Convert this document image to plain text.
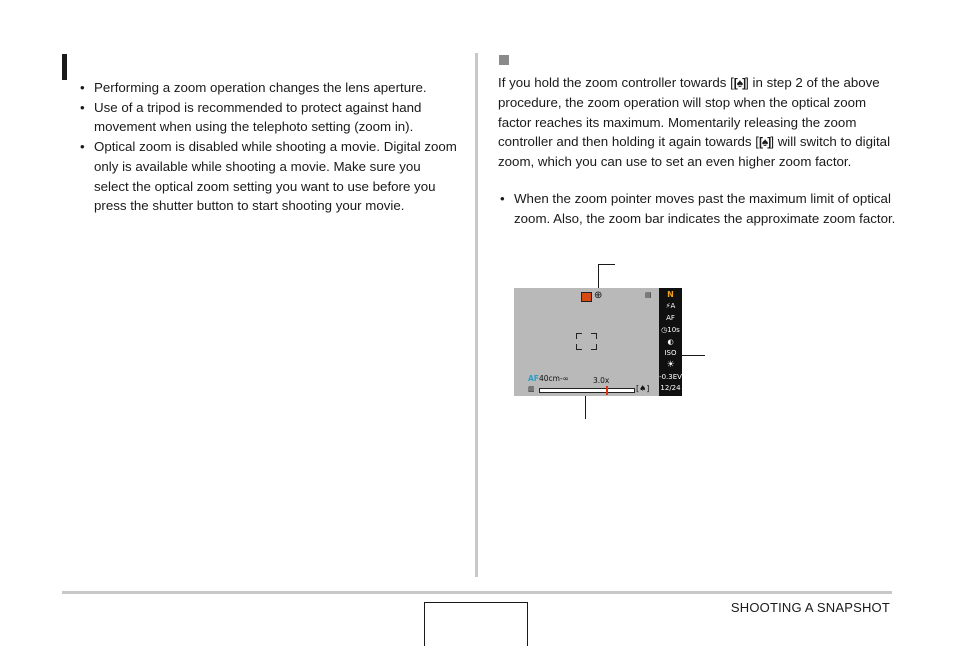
• Performing a zoom operation changes the lens aperture.
• Use of a tripod is recommended to protect against hand movement when using the telephoto setting (zoom in).
• Optical zoom is disabled while shooting a movie. Digital zoom only is available while shooting a movie. Make sure you select the optical zoom setting you want to use before you press the shutter button to start shooting your movie.

If you hold the zoom controller towards [[♠]] in step 2 of the above procedure, the zoom operation will stop when the optical zoom factor reaches its maximum. Momentarily releasing the zoom controller and then holding it again towards [[♠]] will switch to digital zoom, which you can use to set an even higher zoom factor.

• When the zoom pointer moves past the maximum limit of optical zoom. Also, the zoom bar indicates the approximate zoom factor.
⊕	▤
AF 40cm-∞	3.0x
▥	[♠]
N
⚡A
AF
◷10s
◐
ISO
☀
-0.3EV
12/24
SHOOTING A SNAPSHOT
